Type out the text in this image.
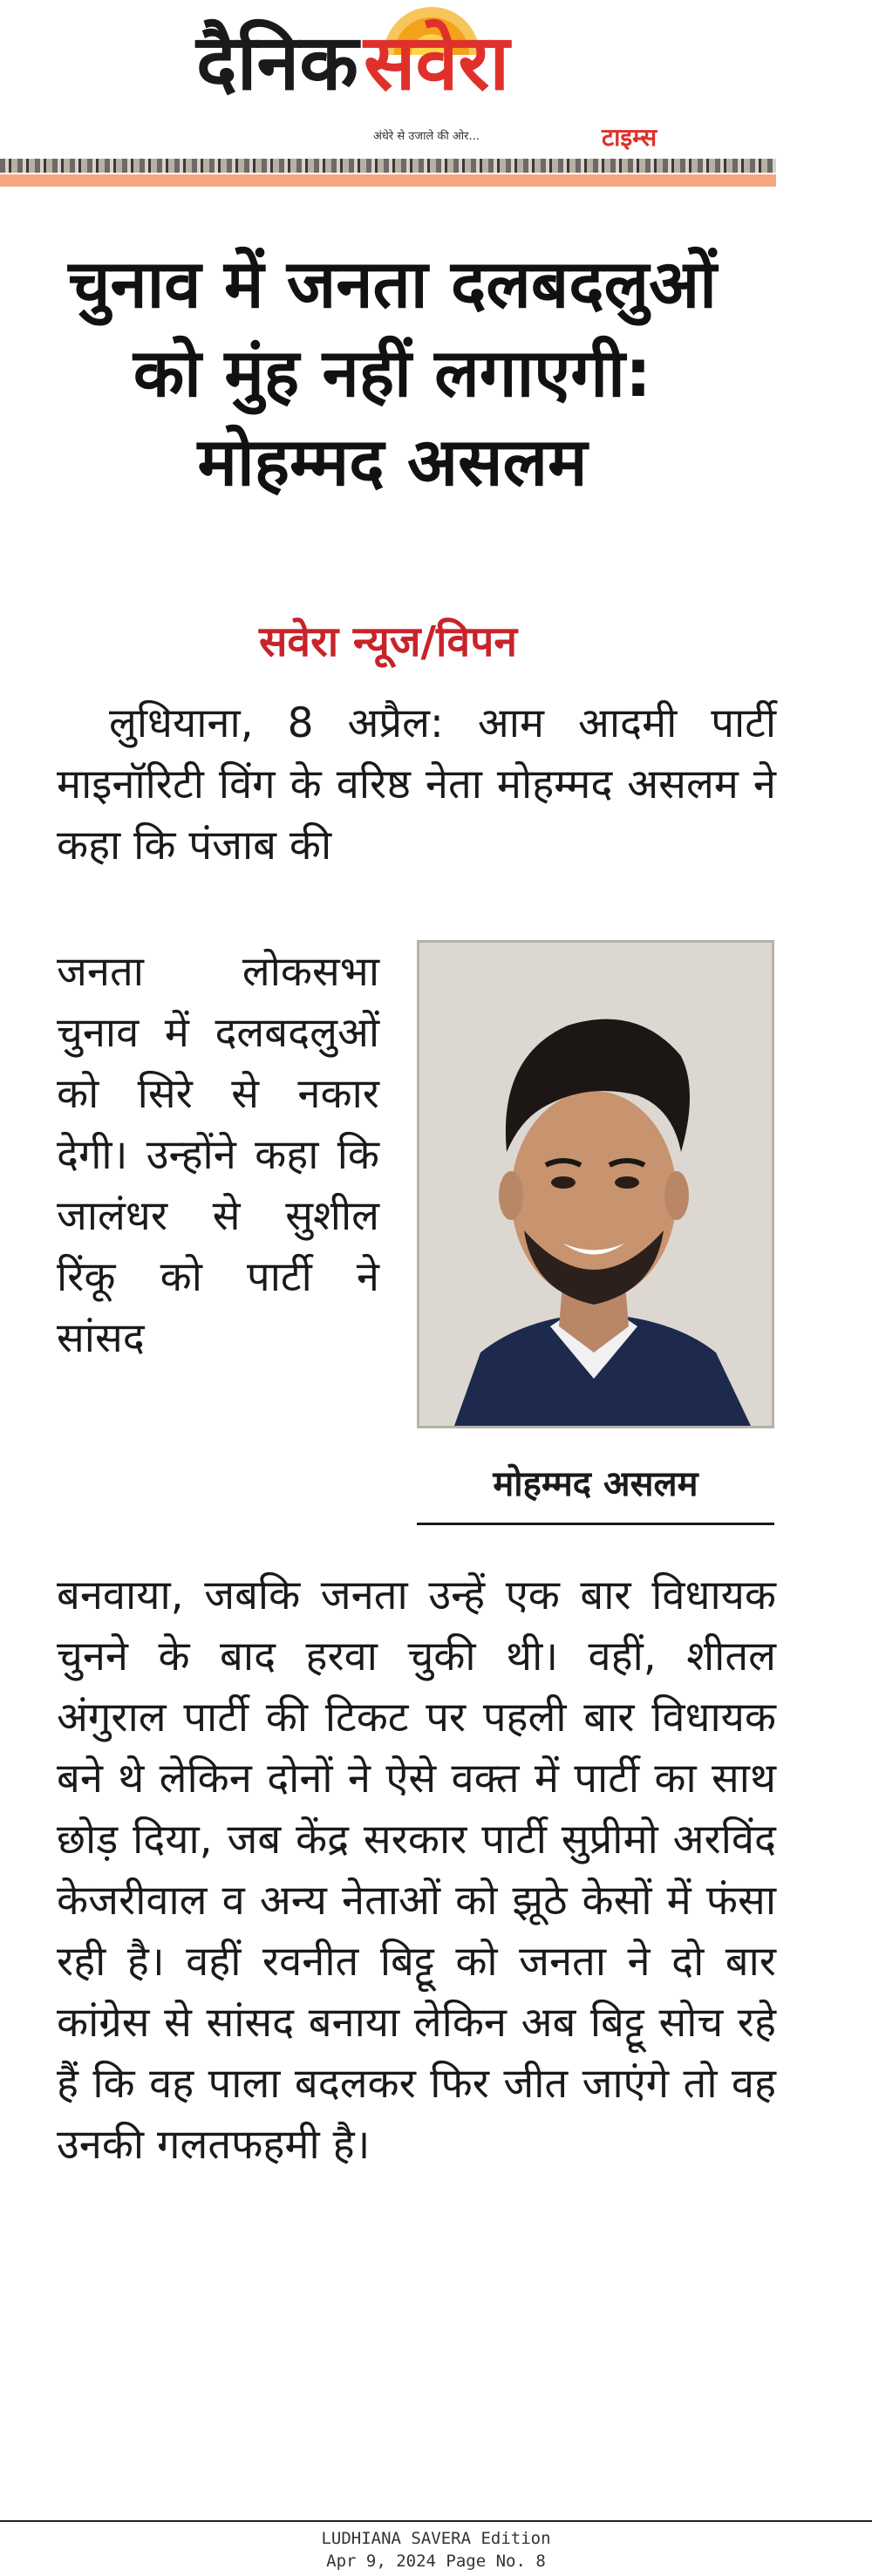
दैनिकसवेरा
अंधेरे से उजाले की ओर...	टाइम्स
चुनाव में जनता दलबदलुओं को मुंह नहीं लगाएगी: मोहम्मद असलम
सवेरा न्यूज/विपन
लुधियाना, 8 अप्रैल: आम आदमी पार्टी माइनॉरिटी विंग के वरिष्ठ नेता मोहम्मद असलम ने कहा कि पंजाब की
जनता लोकसभा चुनाव में दलबदलुओं को सिरे से नकार देगी। उन्होंने कहा कि जालंधर से सुशील रिंकू को पार्टी ने सांसद
मोहम्मद असलम
बनवाया, जबकि जनता उन्हें एक बार विधायक चुनने के बाद हरवा चुकी थी। वहीं, शीतल अंगुराल पार्टी की टिकट पर पहली बार विधायक बने थे लेकिन दोनों ने ऐसे वक्त में पार्टी का साथ छोड़ दिया, जब केंद्र सरकार पार्टी सुप्रीमो अरविंद केजरीवाल व अन्य नेताओं को झूठे केसों में फंसा रही है। वहीं रवनीत बिट्टू को जनता ने दो बार कांग्रेस से सांसद बनाया लेकिन अब बिट्टू सोच रहे हैं कि वह पाला बदलकर फिर जीत जाएंगे तो वह उनकी गलतफहमी है।
LUDHIANA SAVERA Edition
Apr 9, 2024 Page No. 8
